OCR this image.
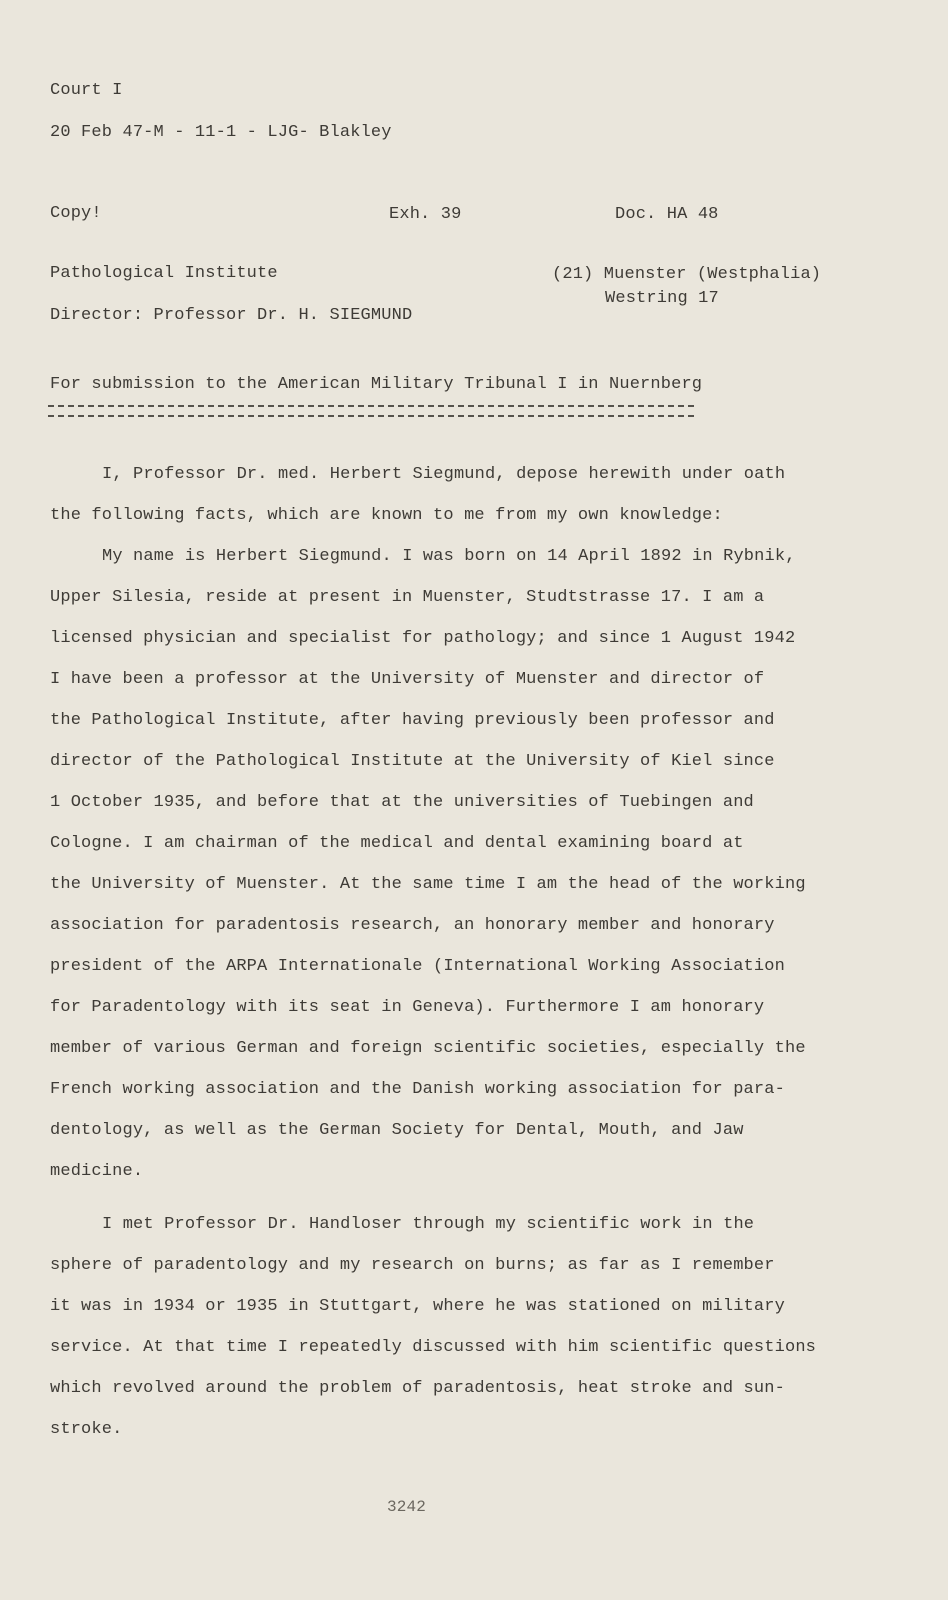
Court I
20 Feb 47-M - 11-1 - LJG- Blakley
Copy!	Exh. 39	Doc. HA 48
Pathological Institute	(21) Muenster (Westphalia)
Westring 17
Director: Professor Dr. H. SIEGMUND
For submission to the American Military Tribunal I in Nuernberg
I, Professor Dr. med. Herbert Siegmund, depose herewith under oath
the following facts, which are known to me from my own knowledge:
My name is Herbert Siegmund. I was born on 14 April 1892 in Rybnik,
Upper Silesia, reside at present in Muenster, Studtstrasse 17. I am a
licensed physician and specialist for pathology; and since 1 August 1942
I have been a professor at the University of Muenster and director of
the Pathological Institute, after having previously been professor and
director of the Pathological Institute at the University of Kiel since
1 October 1935, and before that at the universities of Tuebingen and
Cologne. I am chairman of the medical and dental examining board at
the University of Muenster. At the same time I am the head of the working
association for paradentosis research, an honorary member and honorary
president of the ARPA Internationale (International Working Association
for Paradentology with its seat in Geneva). Furthermore I am honorary
member of various German and foreign scientific societies, especially the
French working association and the Danish working association for para-
dentology, as well as the German Society for Dental, Mouth, and Jaw
medicine.
I met Professor Dr. Handloser through my scientific work in the
sphere of paradentology and my research on burns; as far as I remember
it was in 1934 or 1935 in Stuttgart, where he was stationed on military
service. At that time I repeatedly discussed with him scientific questions
which revolved around the problem of paradentosis, heat stroke and sun-
stroke.
3242
